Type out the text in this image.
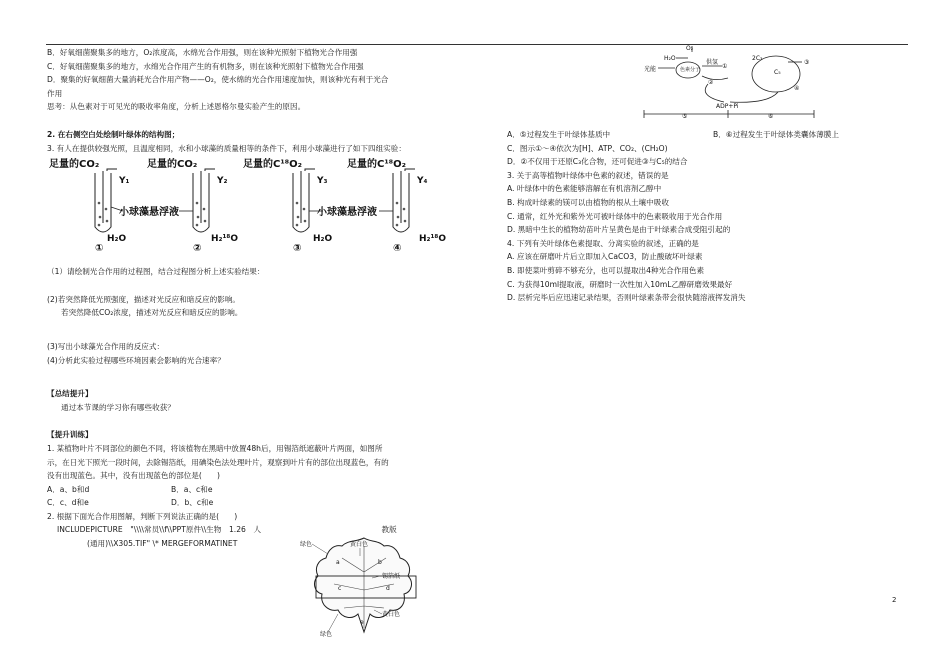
B．好氧细菌聚集多的地方，O₂浓度高，水绵光合作用强，则在该种光照射下植物光合作用强
C．好氧细菌聚集多的地方，水绵光合作用产生的有机物多，则在该种光照射下植物光合作用强
D．聚集的好氧细菌大量消耗光合作用产物——O₂，使水绵的光合作用速度加快，则该种光有利于光合
作用
思考：从色素对于可见光的吸收率角度，分析上述恩格尔曼实验产生的原因。
2. 在右侧空白处绘制叶绿体的结构图；
3. 有人在提供较强光照，且温度相同，水和小球藻的质量相等的条件下，利用小球藻进行了如下四组实验：
足量的CO₂	足量的CO₂	足量的C¹⁸O₂	足量的C¹⁸O₂
Y₁	Y₂	Y₃	Y₄
小球藻悬浮液	小球藻悬浮液
H₂O	H₂¹⁸O	H₂O	H₂¹⁸O
①	②	③	④
（1）请绘制光合作用的过程图，结合过程图分析上述实验结果：
(2)若突然降低光照强度，描述对光反应和暗反应的影响。
若突然降低CO₂浓度，描述对光反应和暗反应的影响。
(3)写出小球藻光合作用的反应式：
(4)分析此实验过程哪些环境因素会影响的光合速率？
【总结提升】
通过本节课的学习你有哪些收获？
【提升训练】
1. 某植物叶片不同部位的颜色不同，将该植物在黑暗中放置48h后，用锡箔纸遮蔽叶片两面，如图所
示，在日光下照光一段时间，去除锡箔纸，用碘染色法处理叶片，观察到叶片有的部位出现蓝色，有的
没有出现蓝色。其中，没有出现蓝色的部位是(　　)
A．a、b和d	B．a、c和e
C．c、d和e	D．b、c和e
2. 根据下面光合作用图解，判断下列说法正确的是(　　)
INCLUDEPICTURE　"\\\\常员\\f\\PPT原件\\生物　1.26　人	教版
(通用)\\X305.TIF" \* MERGEFORMATINET	绿色	黄白色
锡箔纸
黄白色
绿色
a	b
c	d
e
O₂
H₂O
光能	色素分子
供氢
①
②
2C₃
③
C₅
④
ADP+Pi
⑤	⑥
A．⑤过程发生于叶绿体基质中	B．⑥过程发生于叶绿体类囊体薄膜上
C．图示①～④依次为[H]、ATP、CO₂、(CH₂O)
D．②不仅用于还原C₃化合物，还可促进③与C₅的结合
3. 关于高等植物叶绿体中色素的叙述，错误的是
A. 叶绿体中的色素能够溶解在有机溶剂乙醇中
B. 构成叶绿素的镁可以由植物的根从土壤中吸收
C. 通常，红外光和紫外光可被叶绿体中的色素吸收用于光合作用
D. 黑暗中生长的植物幼苗叶片呈黄色是由于叶绿素合成受阻引起的
4. 下列有关叶绿体色素提取、分离实验的叙述，正确的是
A. 应该在研磨叶片后立即加入CaCO3，防止酸破坏叶绿素
B. 即使菜叶剪碎不够充分，也可以提取出4种光合作用色素
C. 为获得10ml提取液，研磨时一次性加入10mL乙醇研磨效果最好
D. 层析完毕后应迅速记录结果，否则叶绿素条带会很快随溶液挥发消失
2
